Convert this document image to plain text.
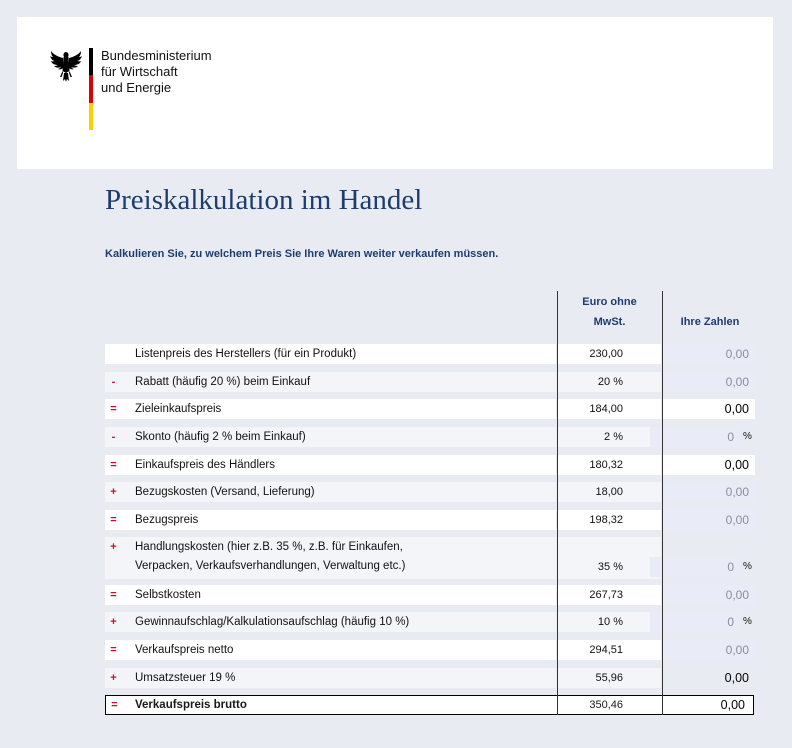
Bundesministerium
für Wirtschaft
und Energie
Preiskalkulation im Handel
Kalkulieren Sie, zu welchem Preis Sie Ihre Waren weiter verkaufen müssen.
Euro ohne
MwSt.	Ihre Zahlen
Listenpreis des Herstellers (für ein Produkt)	230,00	0,00
-	Rabatt (häufig 20 %) beim Einkauf	20 %	0,00
=	Zieleinkaufspreis	184,00	0,00
-	Skonto (häufig 2 % beim Einkauf)	2 %	0 %
=	Einkaufspreis des Händlers	180,32	0,00
+	Bezugskosten (Versand, Lieferung)	18,00	0,00
=	Bezugspreis	198,32	0,00
+	Handlungskosten (hier z.B. 35 %, z.B. für Einkaufen,
Verpacken, Verkaufsverhandlungen, Verwaltung etc.)	35 %	0 %
=	Selbstkosten	267,73	0,00
+	Gewinnaufschlag/Kalkulationsaufschlag (häufig 10 %)	10 %	0 %
=	Verkaufspreis netto	294,51	0,00
+	Umsatzsteuer 19 %	55,96	0,00
=	Verkaufspreis brutto	350,46	0,00
